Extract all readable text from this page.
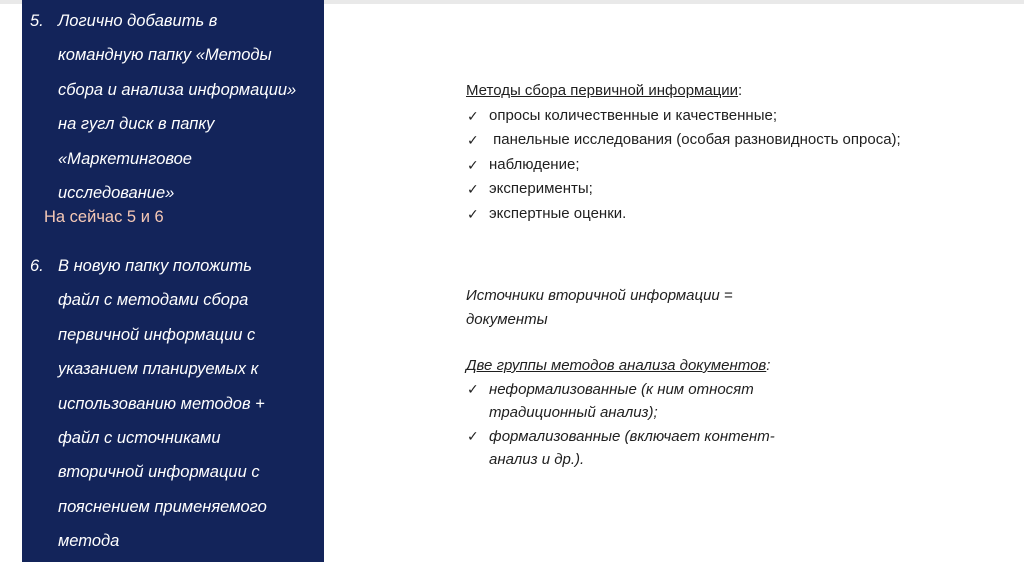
5. Логично добавить в
командную папку «Методы
сбора и анализа информации»
на гугл диск в папку
«Маркетинговое
исследование»
На сейчас 5 и 6
6. В новую папку положить
файл с методами сбора
первичной информации с
указанием планируемых к
использованию методов +
файл с источниками
вторичной информации с
пояснением применяемого
метода
Методы сбора первичной информации:
✓ опросы количественные и качественные;
✓ панельные исследования (особая разновидность опроса);
✓ наблюдение;
✓ эксперименты;
✓ экспертные оценки.
Источники вторичной информации =
документы
Две группы методов анализа документов:
✓ неформализованные (к ним относят
традиционный анализ);
✓ формализованные (включает контент-
анализ и др.).
